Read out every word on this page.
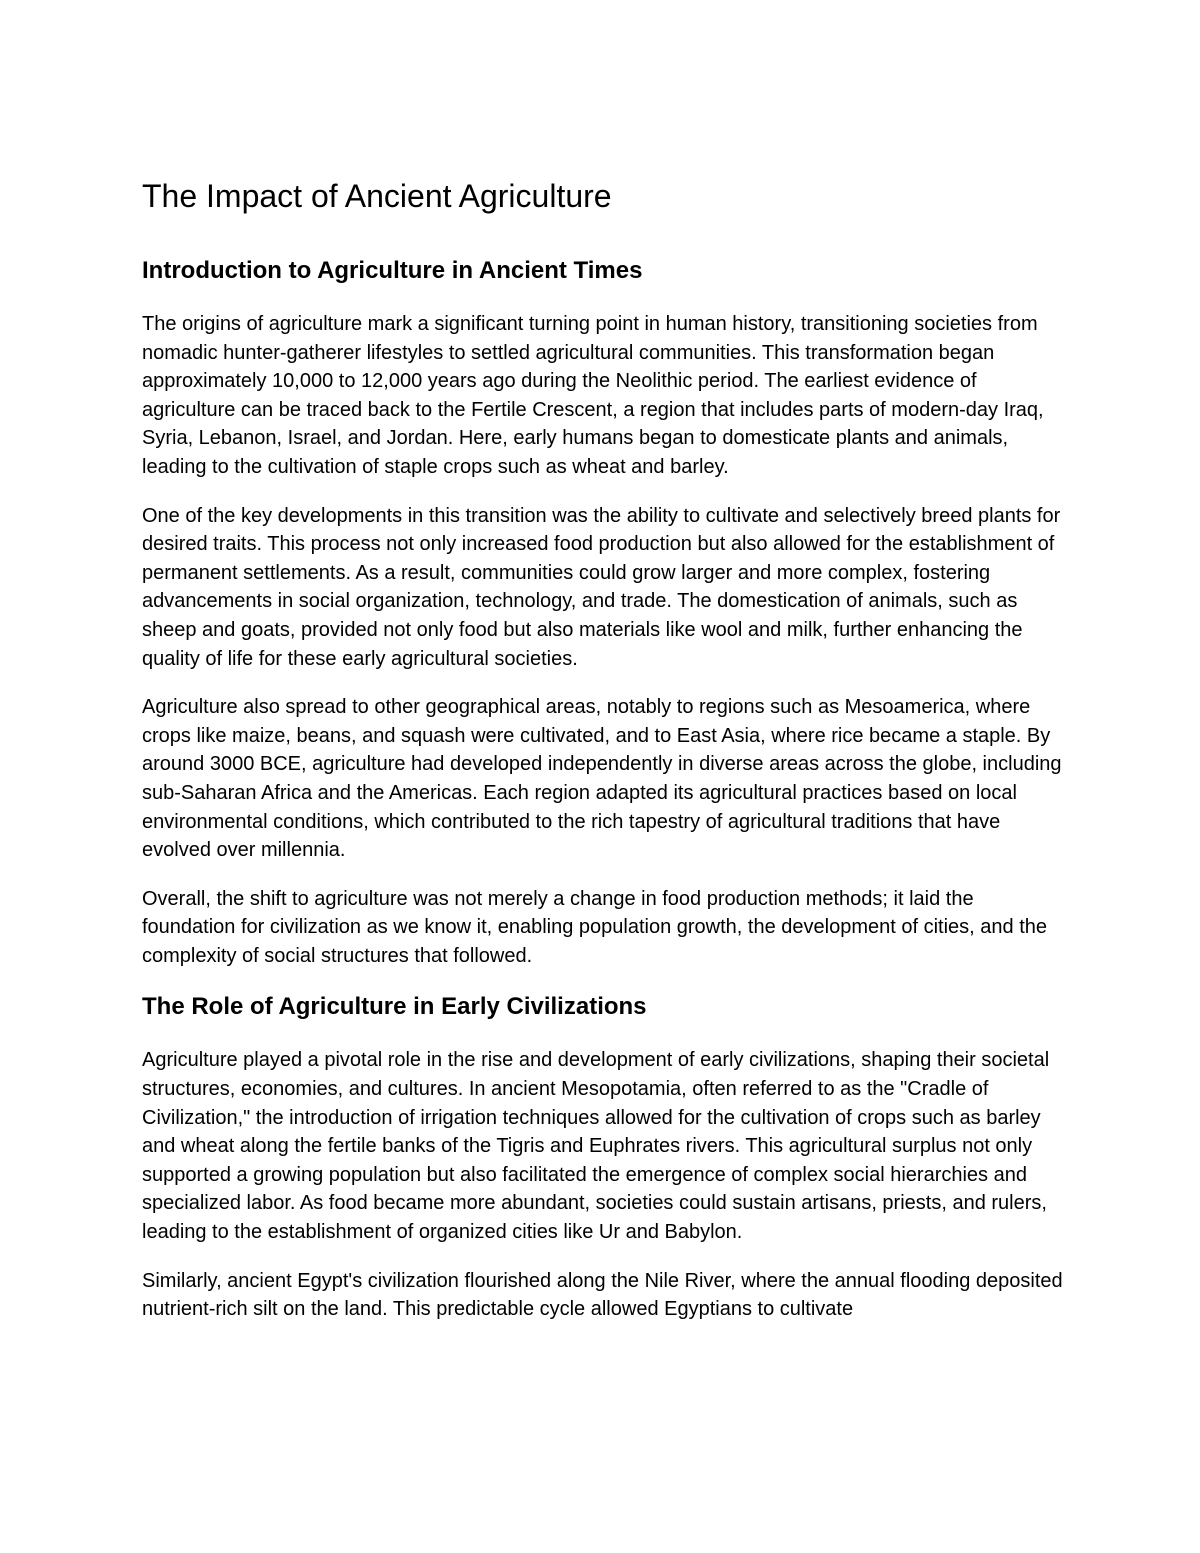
The Impact of Ancient Agriculture
Introduction to Agriculture in Ancient Times

The origins of agriculture mark a significant turning point in human history, transitioning societies from nomadic hunter-gatherer lifestyles to settled agricultural communities. This transformation began approximately 10,000 to 12,000 years ago during the Neolithic period. The earliest evidence of agriculture can be traced back to the Fertile Crescent, a region that includes parts of modern-day Iraq, Syria, Lebanon, Israel, and Jordan. Here, early humans began to domesticate plants and animals, leading to the cultivation of staple crops such as wheat and barley.

One of the key developments in this transition was the ability to cultivate and selectively breed plants for desired traits. This process not only increased food production but also allowed for the establishment of permanent settlements. As a result, communities could grow larger and more complex, fostering advancements in social organization, technology, and trade. The domestication of animals, such as sheep and goats, provided not only food but also materials like wool and milk, further enhancing the quality of life for these early agricultural societies.

Agriculture also spread to other geographical areas, notably to regions such as Mesoamerica, where crops like maize, beans, and squash were cultivated, and to East Asia, where rice became a staple. By around 3000 BCE, agriculture had developed independently in diverse areas across the globe, including sub-Saharan Africa and the Americas. Each region adapted its agricultural practices based on local environmental conditions, which contributed to the rich tapestry of agricultural traditions that have evolved over millennia.

Overall, the shift to agriculture was not merely a change in food production methods; it laid the foundation for civilization as we know it, enabling population growth, the development of cities, and the complexity of social structures that followed.

The Role of Agriculture in Early Civilizations

Agriculture played a pivotal role in the rise and development of early civilizations, shaping their societal structures, economies, and cultures. In ancient Mesopotamia, often referred to as the "Cradle of Civilization," the introduction of irrigation techniques allowed for the cultivation of crops such as barley and wheat along the fertile banks of the Tigris and Euphrates rivers. This agricultural surplus not only supported a growing population but also facilitated the emergence of complex social hierarchies and specialized labor. As food became more abundant, societies could sustain artisans, priests, and rulers, leading to the establishment of organized cities like Ur and Babylon.

Similarly, ancient Egypt's civilization flourished along the Nile River, where the annual flooding deposited nutrient-rich silt on the land. This predictable cycle allowed Egyptians to cultivate
